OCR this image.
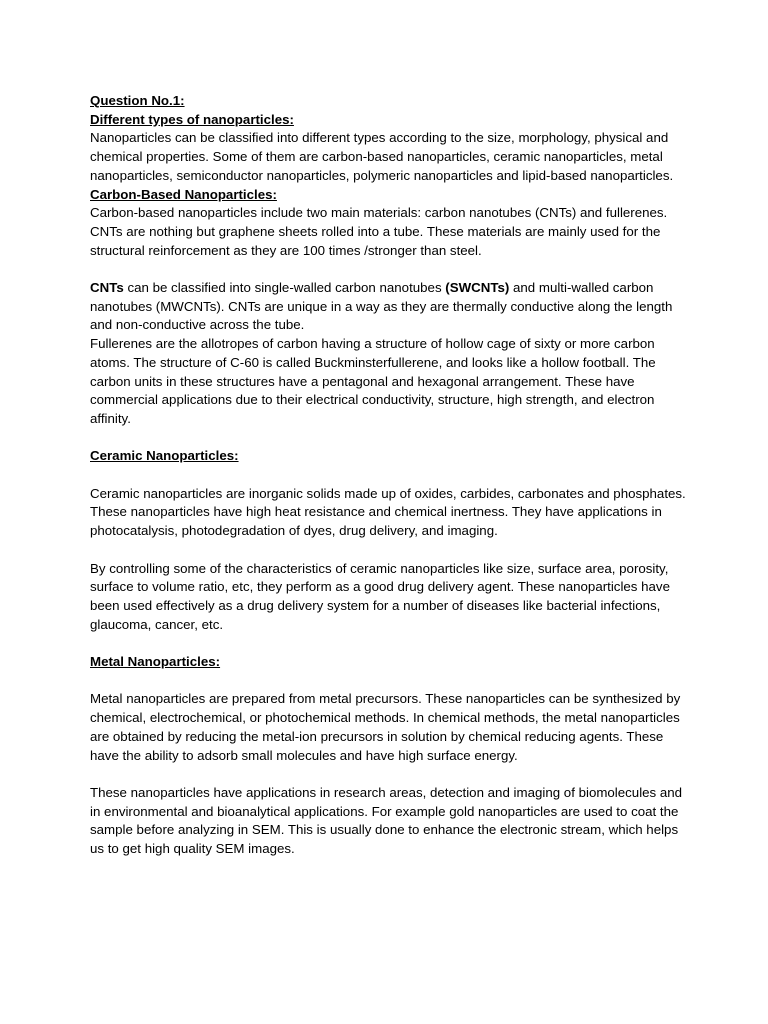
Question No.1:

Different types of nanoparticles:

Nanoparticles can be classified into different types according to the size, morphology, physical and chemical properties. Some of them are carbon-based nanoparticles, ceramic nanoparticles, metal nanoparticles, semiconductor nanoparticles, polymeric nanoparticles and lipid-based nanoparticles.

Carbon-Based Nanoparticles:

Carbon-based nanoparticles include two main materials: carbon nanotubes (CNTs) and fullerenes. CNTs are nothing but graphene sheets rolled into a tube. These materials are mainly used for the structural reinforcement as they are 100 times /stronger than steel.

CNTs can be classified into single-walled carbon nanotubes (SWCNTs) and multi-walled carbon nanotubes (MWCNTs). CNTs are unique in a way as they are thermally conductive along the length and non-conductive across the tube.

Fullerenes are the allotropes of carbon having a structure of hollow cage of sixty or more carbon atoms. The structure of C-60 is called Buckminsterfullerene, and looks like a hollow football. The carbon units in these structures have a pentagonal and hexagonal arrangement. These have commercial applications due to their electrical conductivity, structure, high strength, and electron affinity.

Ceramic Nanoparticles:

Ceramic nanoparticles are inorganic solids made up of oxides, carbides, carbonates and phosphates. These nanoparticles have high heat resistance and chemical inertness. They have applications in photocatalysis, photodegradation of dyes, drug delivery, and imaging.

By controlling some of the characteristics of ceramic nanoparticles like size, surface area, porosity, surface to volume ratio, etc, they perform as a good drug delivery agent. These nanoparticles have been used effectively as a drug delivery system for a number of diseases like bacterial infections, glaucoma, cancer, etc.

Metal Nanoparticles:

Metal nanoparticles are prepared from metal precursors. These nanoparticles can be synthesized by chemical, electrochemical, or photochemical methods. In chemical methods, the metal nanoparticles are obtained by reducing the metal-ion precursors in solution by chemical reducing agents. These have the ability to adsorb small molecules and have high surface energy.

These nanoparticles have applications in research areas, detection and imaging of biomolecules and in environmental and bioanalytical applications. For example gold nanoparticles are used to coat the sample before analyzing in SEM. This is usually done to enhance the electronic stream, which helps us to get high quality SEM images.
